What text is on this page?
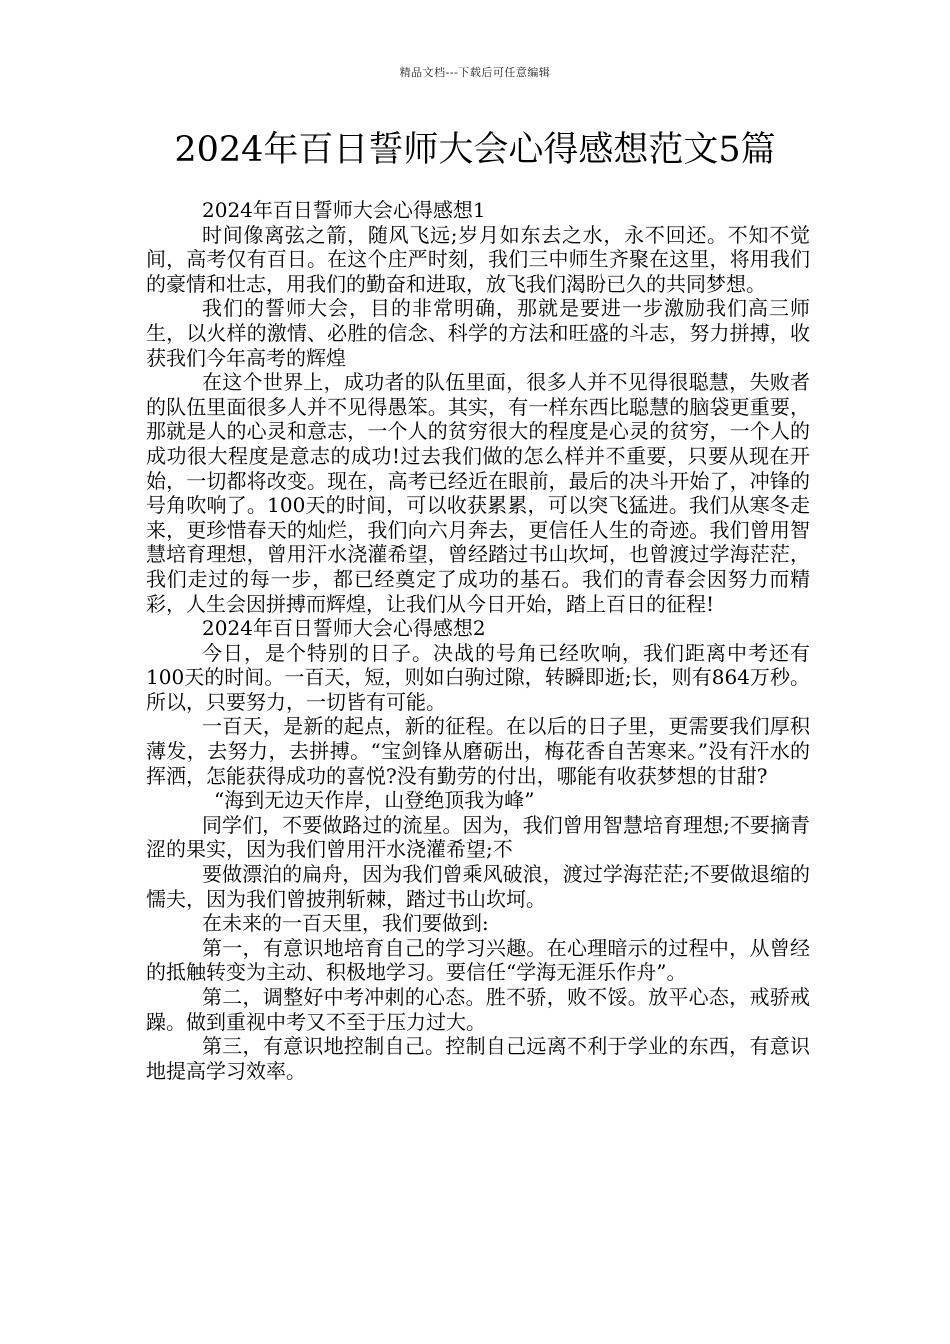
精品文档---下载后可任意编辑
2024年百日誓师大会心得感想范文5篇

2024年百日誓师大会心得感想1

时间像离弦之箭，随风飞远;岁月如东去之水，永不回还。不知不觉间，高考仅有百日。在这个庄严时刻，我们三中师生齐聚在这里，将用我们的豪情和壮志，用我们的勤奋和进取，放飞我们渴盼已久的共同梦想。

我们的誓师大会，目的非常明确，那就是要进一步激励我们高三师生，以火样的激情、必胜的信念、科学的方法和旺盛的斗志，努力拼搏，收获我们今年高考的辉煌

在这个世界上，成功者的队伍里面，很多人并不见得很聪慧，失败者的队伍里面很多人并不见得愚笨。其实，有一样东西比聪慧的脑袋更重要，那就是人的心灵和意志，一个人的贫穷很大的程度是心灵的贫穷，一个人的成功很大程度是意志的成功!过去我们做的怎么样并不重要，只要从现在开始，一切都将改变。现在，高考已经近在眼前，最后的决斗开始了，冲锋的号角吹响了。100天的时间，可以收获累累，可以突飞猛进。我们从寒冬走来，更珍惜春天的灿烂，我们向六月奔去，更信任人生的奇迹。我们曾用智慧培育理想，曾用汗水浇灌希望，曾经踏过书山坎坷，也曾渡过学海茫茫，我们走过的每一步，都已经奠定了成功的基石。我们的青春会因努力而精彩，人生会因拼搏而辉煌，让我们从今日开始，踏上百日的征程!

2024年百日誓师大会心得感想2

今日，是个特别的日子。决战的号角已经吹响，我们距离中考还有100天的时间。一百天，短，则如白驹过隙，转瞬即逝;长，则有864万秒。所以，只要努力，一切皆有可能。

一百天，是新的起点，新的征程。在以后的日子里，更需要我们厚积薄发，去努力，去拼搏。“宝剑锋从磨砺出，梅花香自苦寒来。”没有汗水的挥洒，怎能获得成功的喜悦?没有勤劳的付出，哪能有收获梦想的甘甜?

“海到无边天作岸，山登绝顶我为峰”

同学们，不要做路过的流星。因为，我们曾用智慧培育理想;不要摘青涩的果实，因为我们曾用汗水浇灌希望;不

要做漂泊的扁舟，因为我们曾乘风破浪，渡过学海茫茫;不要做退缩的懦夫，因为我们曾披荆斩棘，踏过书山坎坷。

在未来的一百天里，我们要做到:

第一，有意识地培育自己的学习兴趣。在心理暗示的过程中，从曾经的抵触转变为主动、积极地学习。要信任“学海无涯乐作舟”。

第二，调整好中考冲刺的心态。胜不骄，败不馁。放平心态，戒骄戒躁。做到重视中考又不至于压力过大。

第三，有意识地控制自己。控制自己远离不利于学业的东西，有意识地提高学习效率。
